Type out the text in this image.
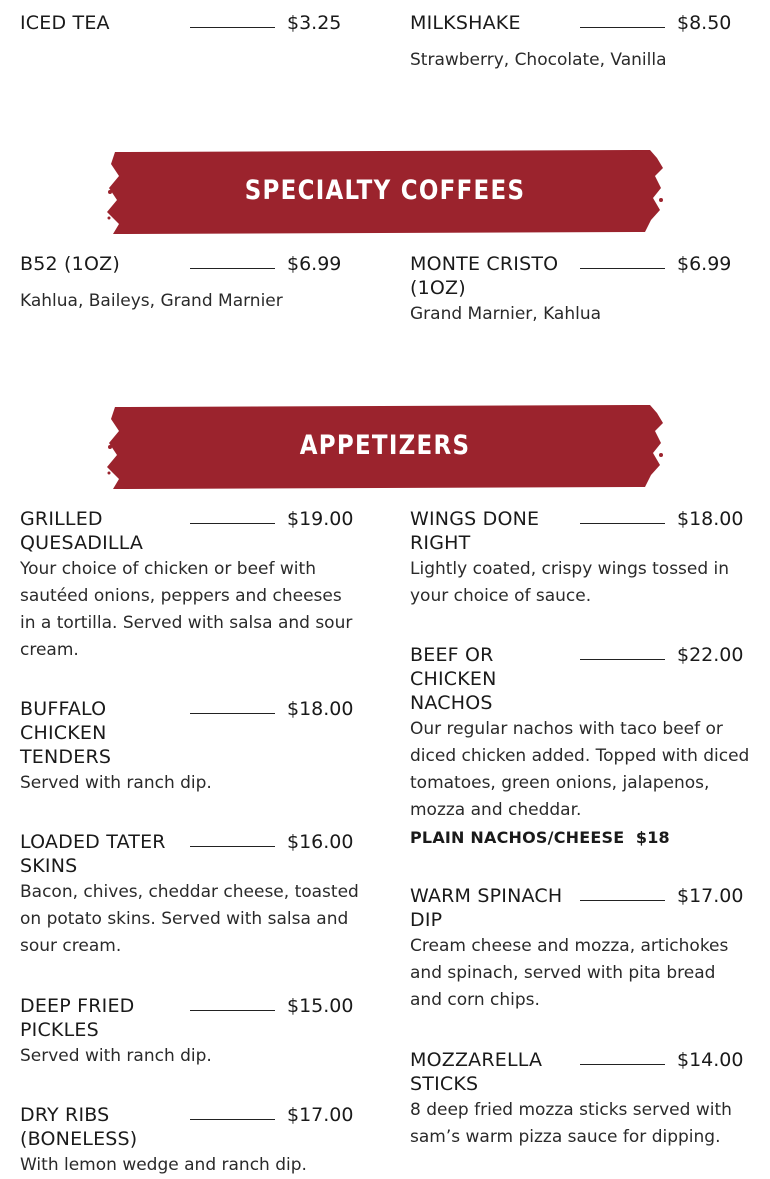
ICED TEA	$3.25	MILKSHAKE	$8.50
Strawberry, Chocolate, Vanilla
SPECIALTY COFFEES
B52 (1OZ)	$6.99
Kahlua, Baileys, Grand Marnier
MONTE CRISTO (1OZ)
$6.99
Grand Marnier, Kahlua
APPETIZERS
GRILLED QUESADILLA
$19.00
Your choice of chicken or beef with sautéed onions, peppers and cheeses in a tortilla. Served with salsa and sour cream.
BUFFALO CHICKEN TENDERS
$18.00
Served with ranch dip.
LOADED TATER SKINS
$16.00
Bacon, chives, cheddar cheese, toasted on potato skins. Served with salsa and sour cream.
DEEP FRIED PICKLES
$15.00
Served with ranch dip.
DRY RIBS (BONELESS)
$17.00
With lemon wedge and ranch dip.
WINGS DONE RIGHT
$18.00
Lightly coated, crispy wings tossed in your choice of sauce.
BEEF OR CHICKEN NACHOS
$22.00
Our regular nachos with taco beef or diced chicken added. Topped with diced tomatoes, green onions, jalapenos, mozza and cheddar.
PLAIN NACHOS/CHEESE  $18
WARM SPINACH DIP
$17.00
Cream cheese and mozza, artichokes and spinach, served with pita bread and corn chips.
MOZZARELLA STICKS
$14.00
8 deep fried mozza sticks served with sam’s warm pizza sauce for dipping.
